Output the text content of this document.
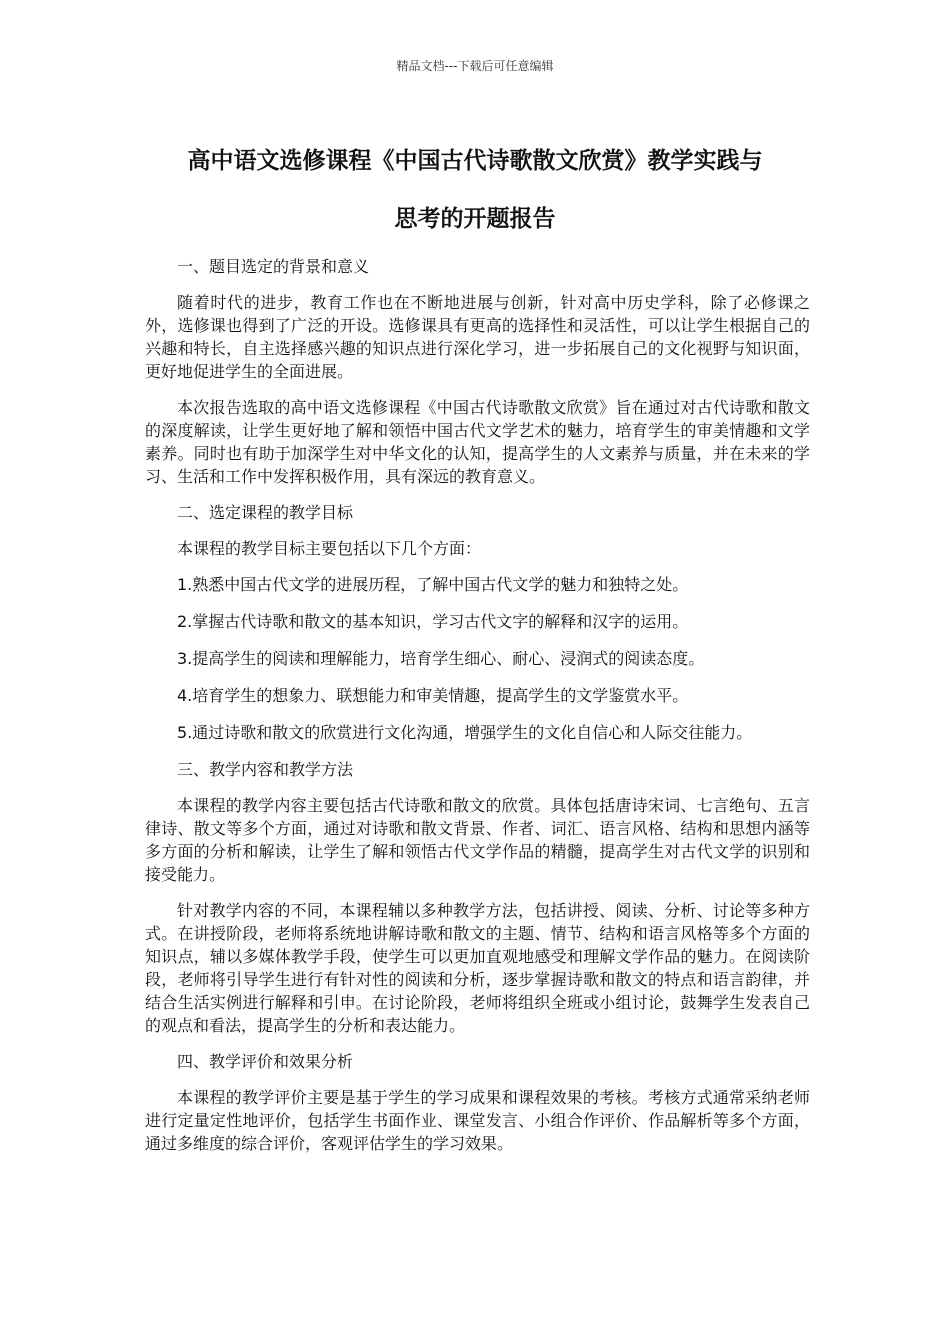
精品文档---下载后可任意编辑
高中语文选修课程《中国古代诗歌散文欣赏》教学实践与
思考的开题报告

一、题目选定的背景和意义

随着时代的进步，教育工作也在不断地进展与创新，针对高中历史学科，除了必修课之外，选修课也得到了广泛的开设。选修课具有更高的选择性和灵活性，可以让学生根据自己的兴趣和特长，自主选择感兴趣的知识点进行深化学习，进一步拓展自己的文化视野与知识面，更好地促进学生的全面进展。

本次报告选取的高中语文选修课程《中国古代诗歌散文欣赏》旨在通过对古代诗歌和散文的深度解读，让学生更好地了解和领悟中国古代文学艺术的魅力，培育学生的审美情趣和文学素养。同时也有助于加深学生对中华文化的认知，提高学生的人文素养与质量，并在未来的学习、生活和工作中发挥积极作用，具有深远的教育意义。

二、选定课程的教学目标

本课程的教学目标主要包括以下几个方面：

1.熟悉中国古代文学的进展历程，了解中国古代文学的魅力和独特之处。

2.掌握古代诗歌和散文的基本知识，学习古代文字的解释和汉字的运用。

3.提高学生的阅读和理解能力，培育学生细心、耐心、浸润式的阅读态度。

4.培育学生的想象力、联想能力和审美情趣，提高学生的文学鉴赏水平。

5.通过诗歌和散文的欣赏进行文化沟通，增强学生的文化自信心和人际交往能力。

三、教学内容和教学方法

本课程的教学内容主要包括古代诗歌和散文的欣赏。具体包括唐诗宋词、七言绝句、五言律诗、散文等多个方面，通过对诗歌和散文背景、作者、词汇、语言风格、结构和思想内涵等多方面的分析和解读，让学生了解和领悟古代文学作品的精髓，提高学生对古代文学的识别和接受能力。

针对教学内容的不同，本课程辅以多种教学方法，包括讲授、阅读、分析、讨论等多种方式。在讲授阶段，老师将系统地讲解诗歌和散文的主题、情节、结构和语言风格等多个方面的知识点，辅以多媒体教学手段，使学生可以更加直观地感受和理解文学作品的魅力。在阅读阶段，老师将引导学生进行有针对性的阅读和分析，逐步掌握诗歌和散文的特点和语言韵律，并结合生活实例进行解释和引申。在讨论阶段，老师将组织全班或小组讨论，鼓舞学生发表自己的观点和看法，提高学生的分析和表达能力。

四、教学评价和效果分析

本课程的教学评价主要是基于学生的学习成果和课程效果的考核。考核方式通常采纳老师进行定量定性地评价，包括学生书面作业、课堂发言、小组合作评价、作品解析等多个方面，通过多维度的综合评价，客观评估学生的学习效果。
